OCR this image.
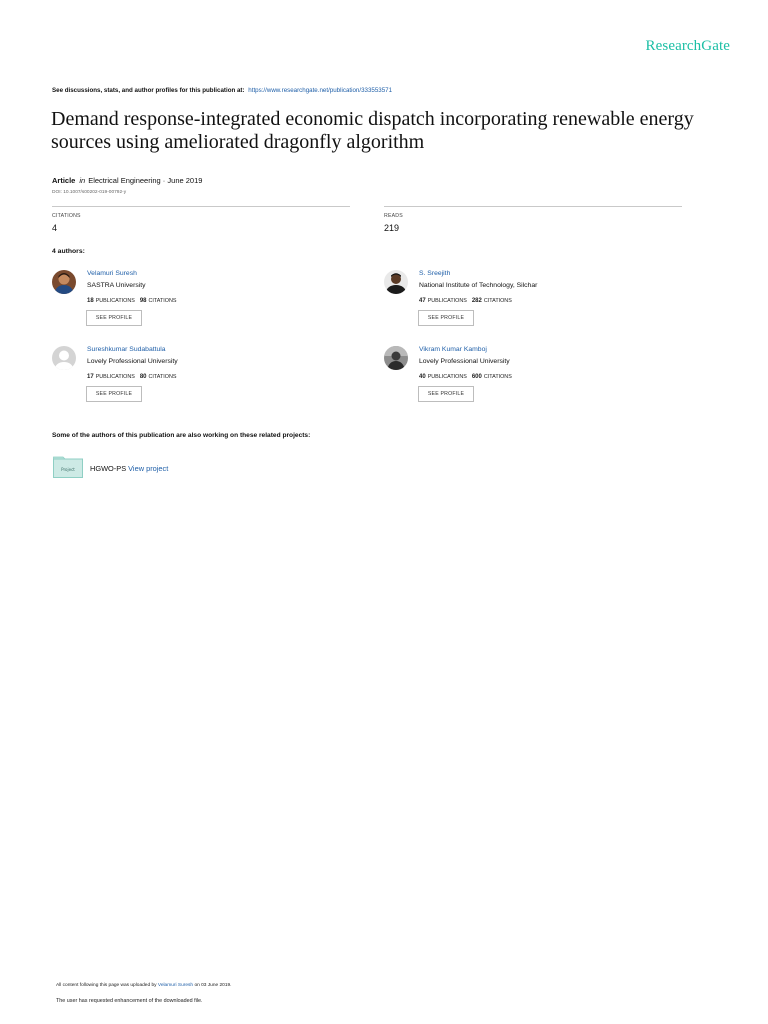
ResearchGate
See discussions, stats, and author profiles for this publication at: https://www.researchgate.net/publication/333553571
Demand response-integrated economic dispatch incorporating renewable energy sources using ameliorated dragonfly algorithm
Article in Electrical Engineering · June 2019
DOI: 10.1007/s00202-019-00792-y
CITATIONS
4
READS
219
4 authors:
Velamuri Suresh
SASTRA University
18 PUBLICATIONS 98 CITATIONS
SEE PROFILE
S. Sreejith
National Institute of Technology, Silchar
47 PUBLICATIONS 282 CITATIONS
SEE PROFILE
Sureshkumar Sudabattula
Lovely Professional University
17 PUBLICATIONS 80 CITATIONS
SEE PROFILE
Vikram Kumar Kamboj
Lovely Professional University
40 PUBLICATIONS 600 CITATIONS
SEE PROFILE
Some of the authors of this publication are also working on these related projects:
Project HGWO-PS View project
All content following this page was uploaded by Velamuri Suresh on 03 June 2019.
The user has requested enhancement of the downloaded file.
